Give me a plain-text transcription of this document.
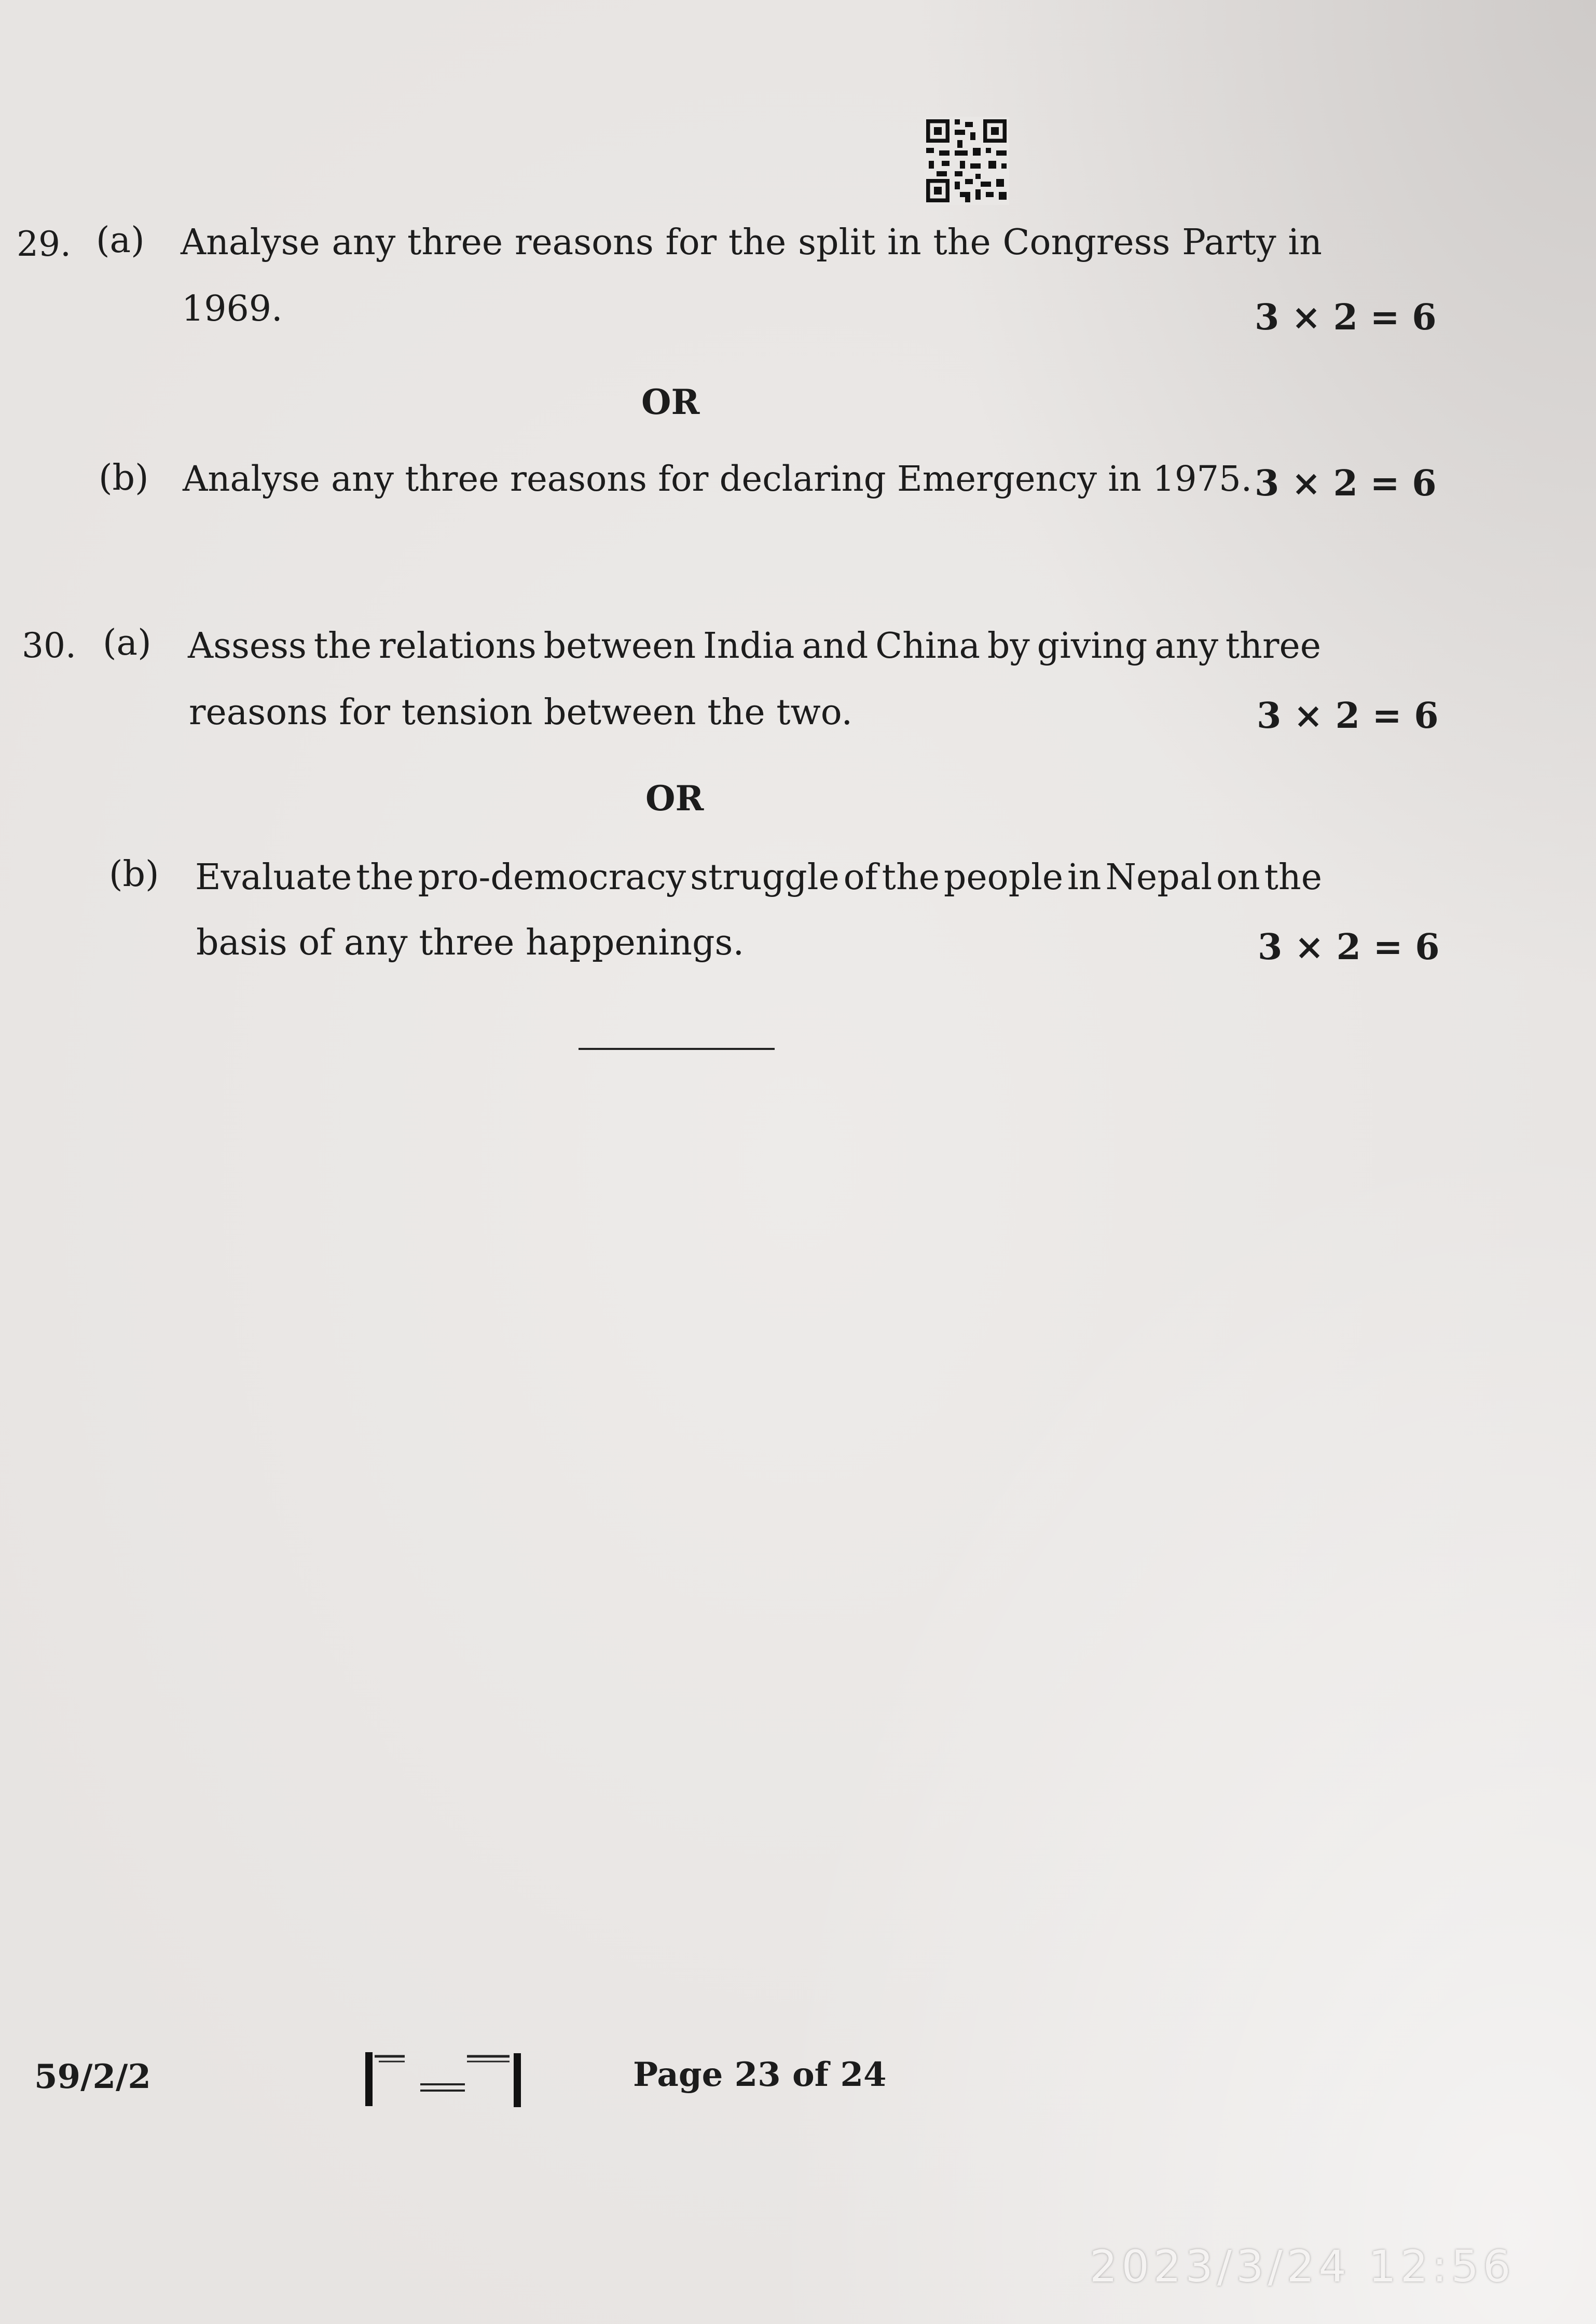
29. (a) Analyse any three reasons for the split in the Congress Party in
1969.	3 × 2 = 6
OR
(b) Analyse any three reasons for declaring Emergency in 1975. 3 × 2 = 6
30. (a) Assess the relations between India and China by giving any three
reasons for tension between the two.	3 × 2 = 6
OR
(b) Evaluate the pro-democracy struggle of the people in Nepal on the
basis of any three happenings.	3 × 2 = 6
59/2/2	Page 23 of 24
2023/3/24 12:56
